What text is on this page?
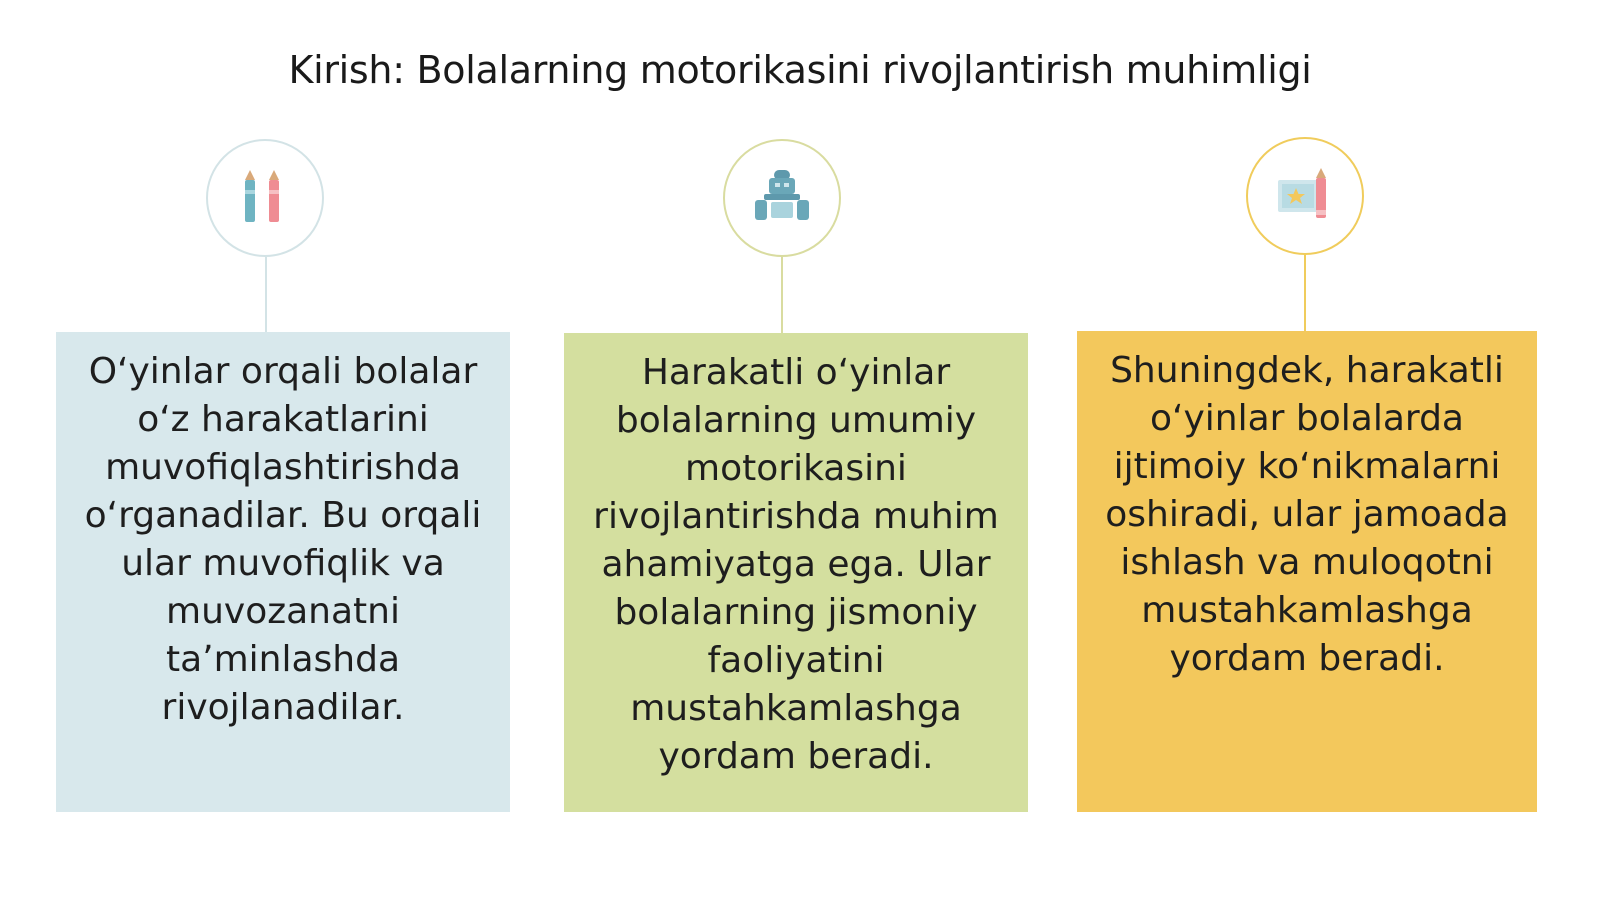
Kirish: Bolalarning motorikasini rivojlantirish muhimligi
O‘yinlar orqali bolalar o‘z harakatlarini muvofiqlashtirishda o‘rganadilar. Bu orqali ular muvofiqlik va muvozanatni ta’minlashda rivojlanadilar.
Harakatli o‘yinlar bolalarning umumiy motorikasini rivojlantirishda muhim ahamiyatga ega. Ular bolalarning jismoniy faoliyatini mustahkamlashga yordam beradi.
Shuningdek, harakatli o‘yinlar bolalarda ijtimoiy ko‘nikmalarni oshiradi, ular jamoada ishlash va muloqotni mustahkamlashga yordam beradi.
